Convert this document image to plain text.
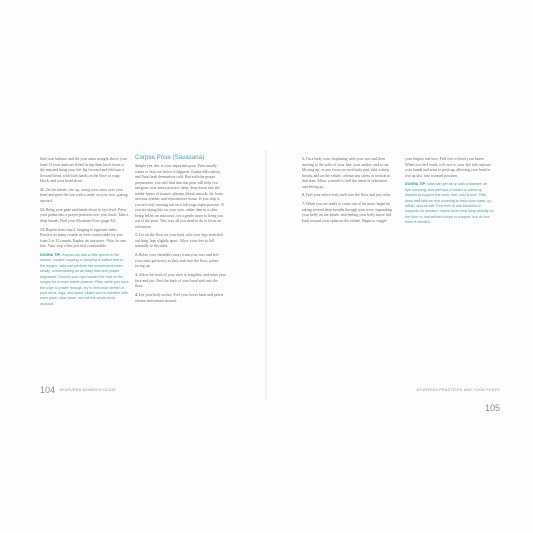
find your balance and lift your arms straight above your head. If your arms are lifted, bring them back down to the mat and bring your left leg forward and fold into a forward bend, with both hands on the floor or yoga block, and your head down.

11. On the inhale, rise up, swing your arms over your head and greet the sun with a smile on your face, gazing upward.

12. Bring your gaze and hands down to eye level. Press your palms into a prayer position over your heart. Take a deep breath. Find your Mountain Pose (page 94).

13. Repeat from step 2, lunging to opposite sides. Practice as many rounds as feels comfortable for you from 2 to 12 rounds. Kapha, do one more. Pitta, do one less. Vata, stop when you feel comfortable.

DOSHA TIP: Kapha can add a little speed to the routine, maybe hopping or jumping to switch feet in the lunges. Vata can perform the movements more slowly, concentrating on an easy flow and proper alignment. Ground your hips toward the mat on the lunges for a more stable posture. Pitta, while you have the urge to power through, try to feel each stretch in your arms, legs, and spine. Make sure to breathe with each pose, slow down, and let the whole body workout.

Corpse Pose (Savasana)

Simple yes, this is your important pose. Pitta usually wants to skip out before it happens. Kapha falls asleep, and Vata finds themselves cold. But with the proper preparation, you will find that this pose will help you integrate your entire practice deep, deep down into the tender layers of tissues: plasma, blood, muscle, fat, bone, nervous system, and reproductive tissue. If you skip it, you are truly missing out on a full yoga asana practice. If you are doing this on your own, rather than in a class being led by an instructor, set a gentle timer to bring you out of the pose. This way all you need to do is focus on relaxation.

1. Lie on the floor on your back with your legs stretched out long, legs slightly apart. Allow your feet to fall naturally to the sides.

2. Relax your shoulders away from your ears and feel your arms get heavy as they sink into the floor, palms facing up.

3. Allow the back of your neck to lengthen, and relax your face and jaw. Feel the back of your head sink into the floor.

4. Let your body soften. Feel your lower back and pelvis release and remain neutral.

104 AYURVEDA WOMEN'S GUIDE

5. On a body scan, beginning with your toes and then moving to the soles of your feet, your ankles, and so on. Moving up, as you focus on each body part, take a deep breath, and on the exhale, release any stress or tension in that area. Allow yourself to feel the sense of relaxation and letting go.

6. Feel your entire body melt into the floor and just relax.

7. When you are ready to come out of the pose, begin by taking several deep breaths through your nose, expanding your belly on the inhale, and feeling your belly move fall back toward your spine on the exhale. Begin to wiggle

your fingers and toes. Feel free to bend your knees. When you feel ready, roll over to your left side and use your hands and arms to push up, allowing your head to rise up last, into a seated position.

DOSHA TIP: Vata can get all up with a blanket, an eye covering, and perhaps a folded or rolled up blanket to support the neck, feet, and knees. Pitta does well with an eye covering to help slow down, go within, and be still. Feel free to use blankets or supports as needed. Kapha does best lying directly on the floor or mat without props or support, but do use them if needed.

AYURVEDA PRACTICES AND YOGA POSES 105
